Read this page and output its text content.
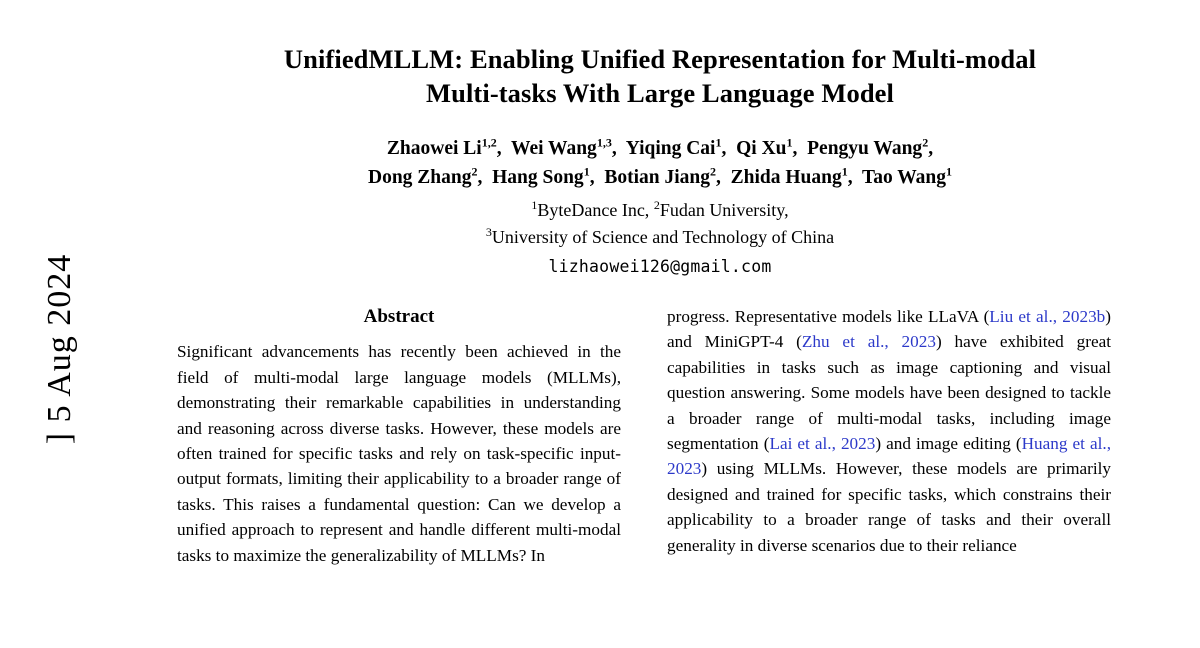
] 5 Aug 2024
UnifiedMLLM: Enabling Unified Representation for Multi-modal
Multi-tasks With Large Language Model
Zhaowei Li$^{1,2}$,  Wei Wang$^{1,3}$,  Yiqing Cai$^1$,  Qi Xu$^1$,  Pengyu Wang$^2$,
Dong Zhang$^2$,  Hang Song$^1$,  Botian Jiang$^2$,  Zhida Huang$^1$,  Tao Wang$^1$
$^1$ByteDance Inc, $^2$Fudan University,
$^3$University of Science and Technology of China
lizhaowei126@gmail.com
Abstract

Significant advancements has recently been achieved in the field of multi-modal large language models (MLLMs), demonstrating their remarkable capabilities in understanding and reasoning across diverse tasks. However, these models are often trained for specific tasks and rely on task-specific input-output formats, limiting their applicability to a broader range of tasks. This raises a fundamental question: Can we develop a unified approach to represent and handle different multi-modal tasks to maximize the generalizability of MLLMs? In

progress. Representative models like LLaVA (Liu et al., 2023b) and MiniGPT-4 (Zhu et al., 2023) have exhibited great capabilities in tasks such as image captioning and visual question answering. Some models have been designed to tackle a broader range of multi-modal tasks, including image segmentation (Lai et al., 2023) and image editing (Huang et al., 2023) using MLLMs. However, these models are primarily designed and trained for specific tasks, which constrains their applicability to a broader range of tasks and their overall generality in diverse scenarios due to their reliance
